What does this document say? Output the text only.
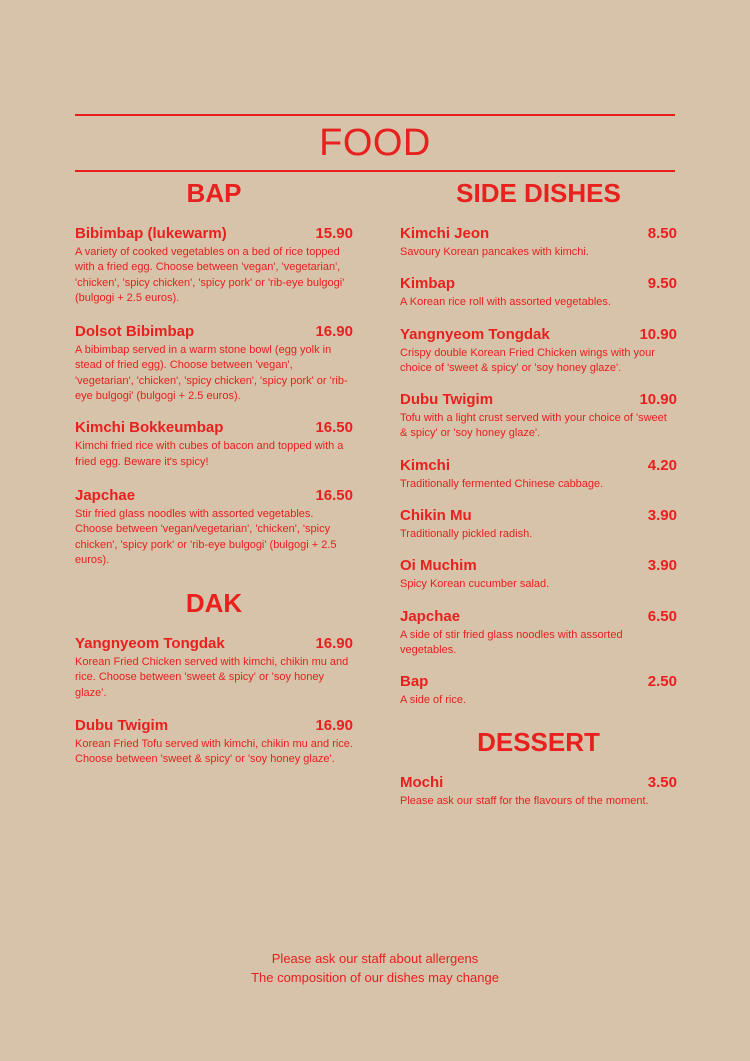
FOOD
BAP
Bibimbap (lukewarm)	15.90
A variety of cooked vegetables on a bed of rice topped with a fried egg. Choose between 'vegan', 'vegetarian', 'chicken', 'spicy chicken', 'spicy pork' or 'rib-eye bulgogi' (bulgogi + 2.5 euros).
Dolsot Bibimbap	16.90
A bibimbap served in a warm stone bowl (egg yolk in stead of fried egg). Choose between 'vegan', 'vegetarian', 'chicken', 'spicy chicken', 'spicy pork' or 'rib-eye bulgogi' (bulgogi + 2.5 euros).
Kimchi Bokkeumbap	16.50
Kimchi fried rice with cubes of bacon and topped with a fried egg. Beware it's spicy!
Japchae	16.50
Stir fried glass noodles with assorted vegetables. Choose between 'vegan/vegetarian', 'chicken', 'spicy chicken', 'spicy pork' or 'rib-eye bulgogi' (bulgogi + 2.5 euros).
DAK
Yangnyeom Tongdak	16.90
Korean Fried Chicken served with kimchi, chikin mu and rice. Choose between 'sweet & spicy' or 'soy honey glaze'.
Dubu Twigim	16.90
Korean Fried Tofu served with kimchi, chikin mu and rice. Choose between 'sweet & spicy' or 'soy honey glaze'.
SIDE DISHES
Kimchi Jeon	8.50
Savoury Korean pancakes with kimchi.
Kimbap	9.50
A Korean rice roll with assorted vegetables.
Yangnyeom Tongdak	10.90
Crispy double Korean Fried Chicken wings with your choice of 'sweet & spicy' or 'soy honey glaze'.
Dubu Twigim	10.90
Tofu with a light crust served with your choice of 'sweet & spicy' or 'soy honey glaze'.
Kimchi	4.20
Traditionally fermented Chinese cabbage.
Chikin Mu	3.90
Traditionally pickled radish.
Oi Muchim	3.90
Spicy Korean cucumber salad.
Japchae	6.50
A side of stir fried glass noodles with assorted vegetables.
Bap	2.50
A side of rice.
DESSERT
Mochi	3.50
Please ask our staff for the flavours of the moment.
Please ask our staff about allergens
The composition of our dishes may change
